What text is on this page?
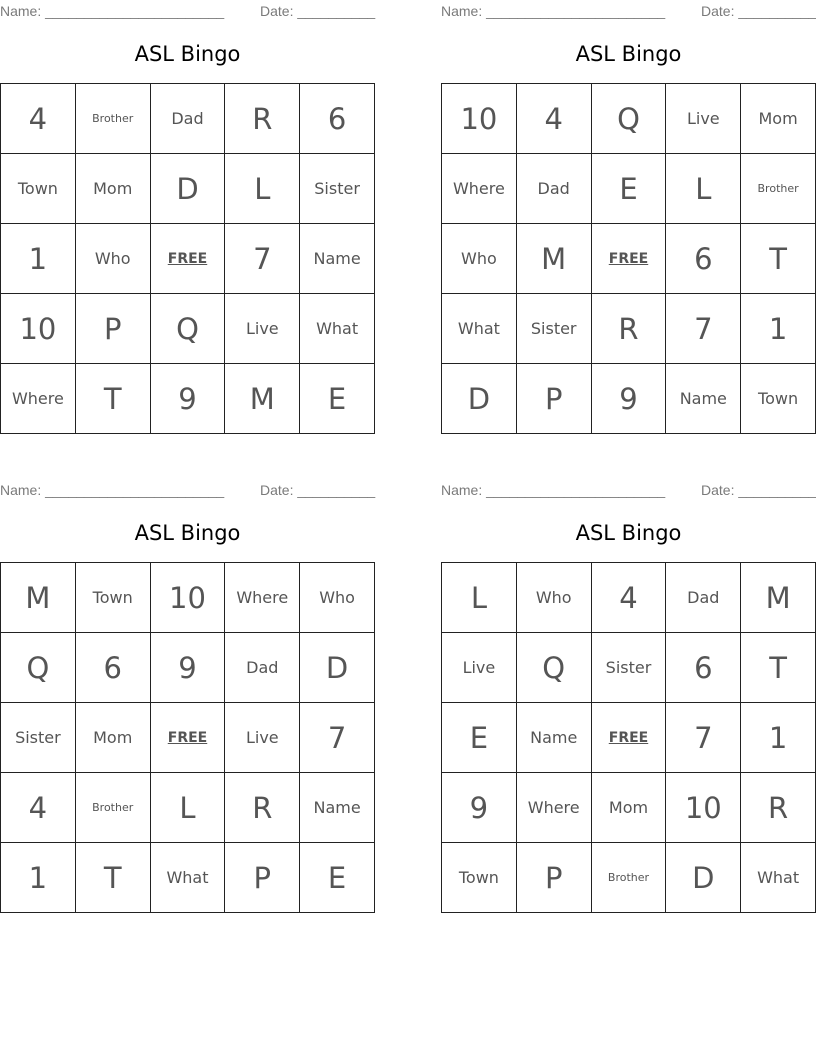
Name: _______________________	Date: __________
ASL Bingo
4	Brother	Dad	R	6
Town	Mom	D	L	Sister
1	Who	FREE	7	Name
10	P	Q	Live	What
Where	T	9	M	E
Name: _______________________	Date: __________
ASL Bingo
10	4	Q	Live	Mom
Where	Dad	E	L	Brother
Who	M	FREE	6	T
What	Sister	R	7	1
D	P	9	Name	Town
Name: _______________________	Date: __________
ASL Bingo
M	Town	10	Where	Who
Q	6	9	Dad	D
Sister	Mom	FREE	Live	7
4	Brother	L	R	Name
1	T	What	P	E
Name: _______________________	Date: __________
ASL Bingo
L	Who	4	Dad	M
Live	Q	Sister	6	T
E	Name	FREE	7	1
9	Where	Mom	10	R
Town	P	Brother	D	What
